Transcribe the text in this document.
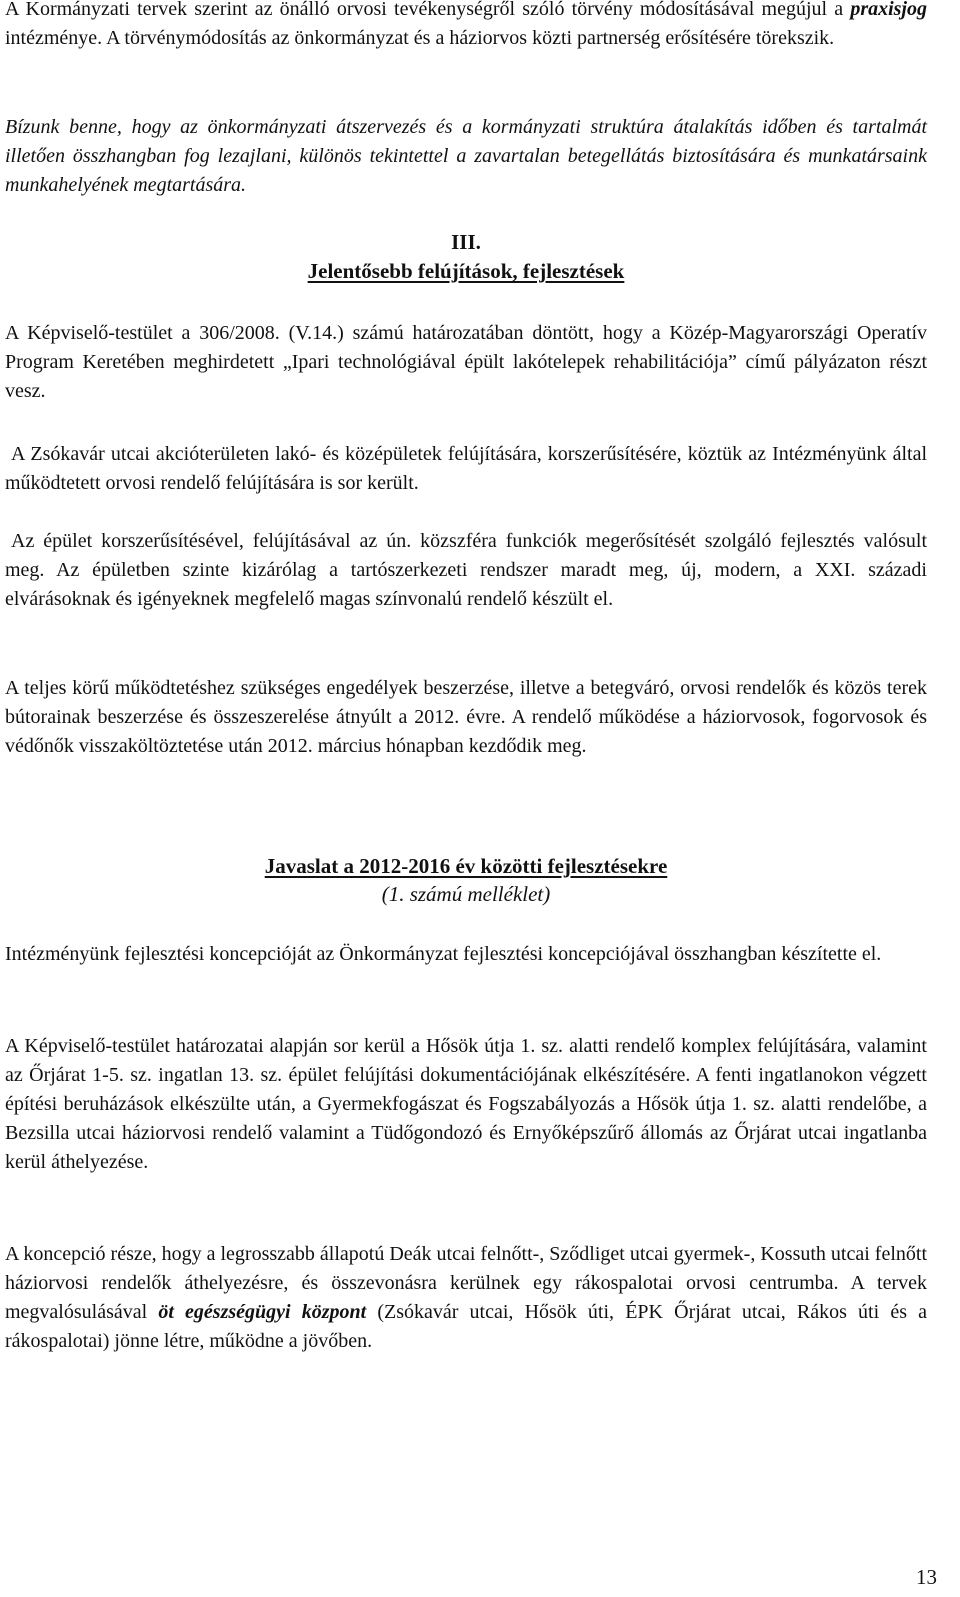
A Kormányzati tervek szerint az önálló orvosi tevékenységről szóló törvény módosításával megújul a praxisjog intézménye. A törvénymódosítás az önkormányzat és a háziorvos közti partnerség erősítésére törekszik.

Bízunk benne, hogy az önkormányzati átszervezés és a kormányzati struktúra átalakítás időben és tartalmát illetően összhangban fog lezajlani, különös tekintettel a zavartalan betegellátás biztosítására és munkatársaink munkahelyének megtartására.

III.

Jelentősebb felújítások, fejlesztések

A Képviselő-testület a 306/2008. (V.14.) számú határozatában döntött, hogy a Közép-Magyarországi Operatív Program Keretében meghirdetett „Ipari technológiával épült lakótelepek rehabilitációja” című pályázaton részt vesz.

A Zsókavár utcai akcióterületen lakó- és középületek felújítására, korszerűsítésére, köztük az Intézményünk által működtetett orvosi rendelő felújítására is sor került.

Az épület korszerűsítésével, felújításával az ún. közszféra funkciók megerősítését szolgáló fejlesztés valósult meg. Az épületben szinte kizárólag a tartószerkezeti rendszer maradt meg, új, modern, a XXI. századi elvárásoknak és igényeknek megfelelő magas színvonalú rendelő készült el.

A teljes körű működtetéshez szükséges engedélyek beszerzése, illetve a betegváró, orvosi rendelők és közös terek bútorainak beszerzése és összeszerelése átnyúlt a 2012. évre. A rendelő működése a háziorvosok, fogorvosok és védőnők visszaköltöztetése után 2012. március hónapban kezdődik meg.

Javaslat a 2012-2016 év közötti fejlesztésekre

(1. számú melléklet)

Intézményünk fejlesztési koncepcióját az Önkormányzat fejlesztési koncepciójával összhangban készítette el.

A Képviselő-testület határozatai alapján sor kerül a Hősök útja 1. sz. alatti rendelő komplex felújítására, valamint az Őrjárat 1-5. sz. ingatlan 13. sz. épület felújítási dokumentációjának elkészítésére. A fenti ingatlanokon végzett építési beruházások elkészülte után, a Gyermekfogászat és Fogszabályozás a Hősök útja 1. sz. alatti rendelőbe, a Bezsilla utcai háziorvosi rendelő valamint a Tüdőgondozó és Ernyőképszűrő állomás az Őrjárat utcai ingatlanba kerül áthelyezése.

A koncepció része, hogy a legrosszabb állapotú Deák utcai felnőtt-, Sződliget utcai gyermek-, Kossuth utcai felnőtt háziorvosi rendelők áthelyezésre, és összevonásra kerülnek egy rákospalotai orvosi centrumba. A tervek megvalósulásával öt egészségügyi központ (Zsókavár utcai, Hősök úti, ÉPK Őrjárat utcai, Rákos úti és a rákospalotai) jönne létre, működne a jövőben.

13
